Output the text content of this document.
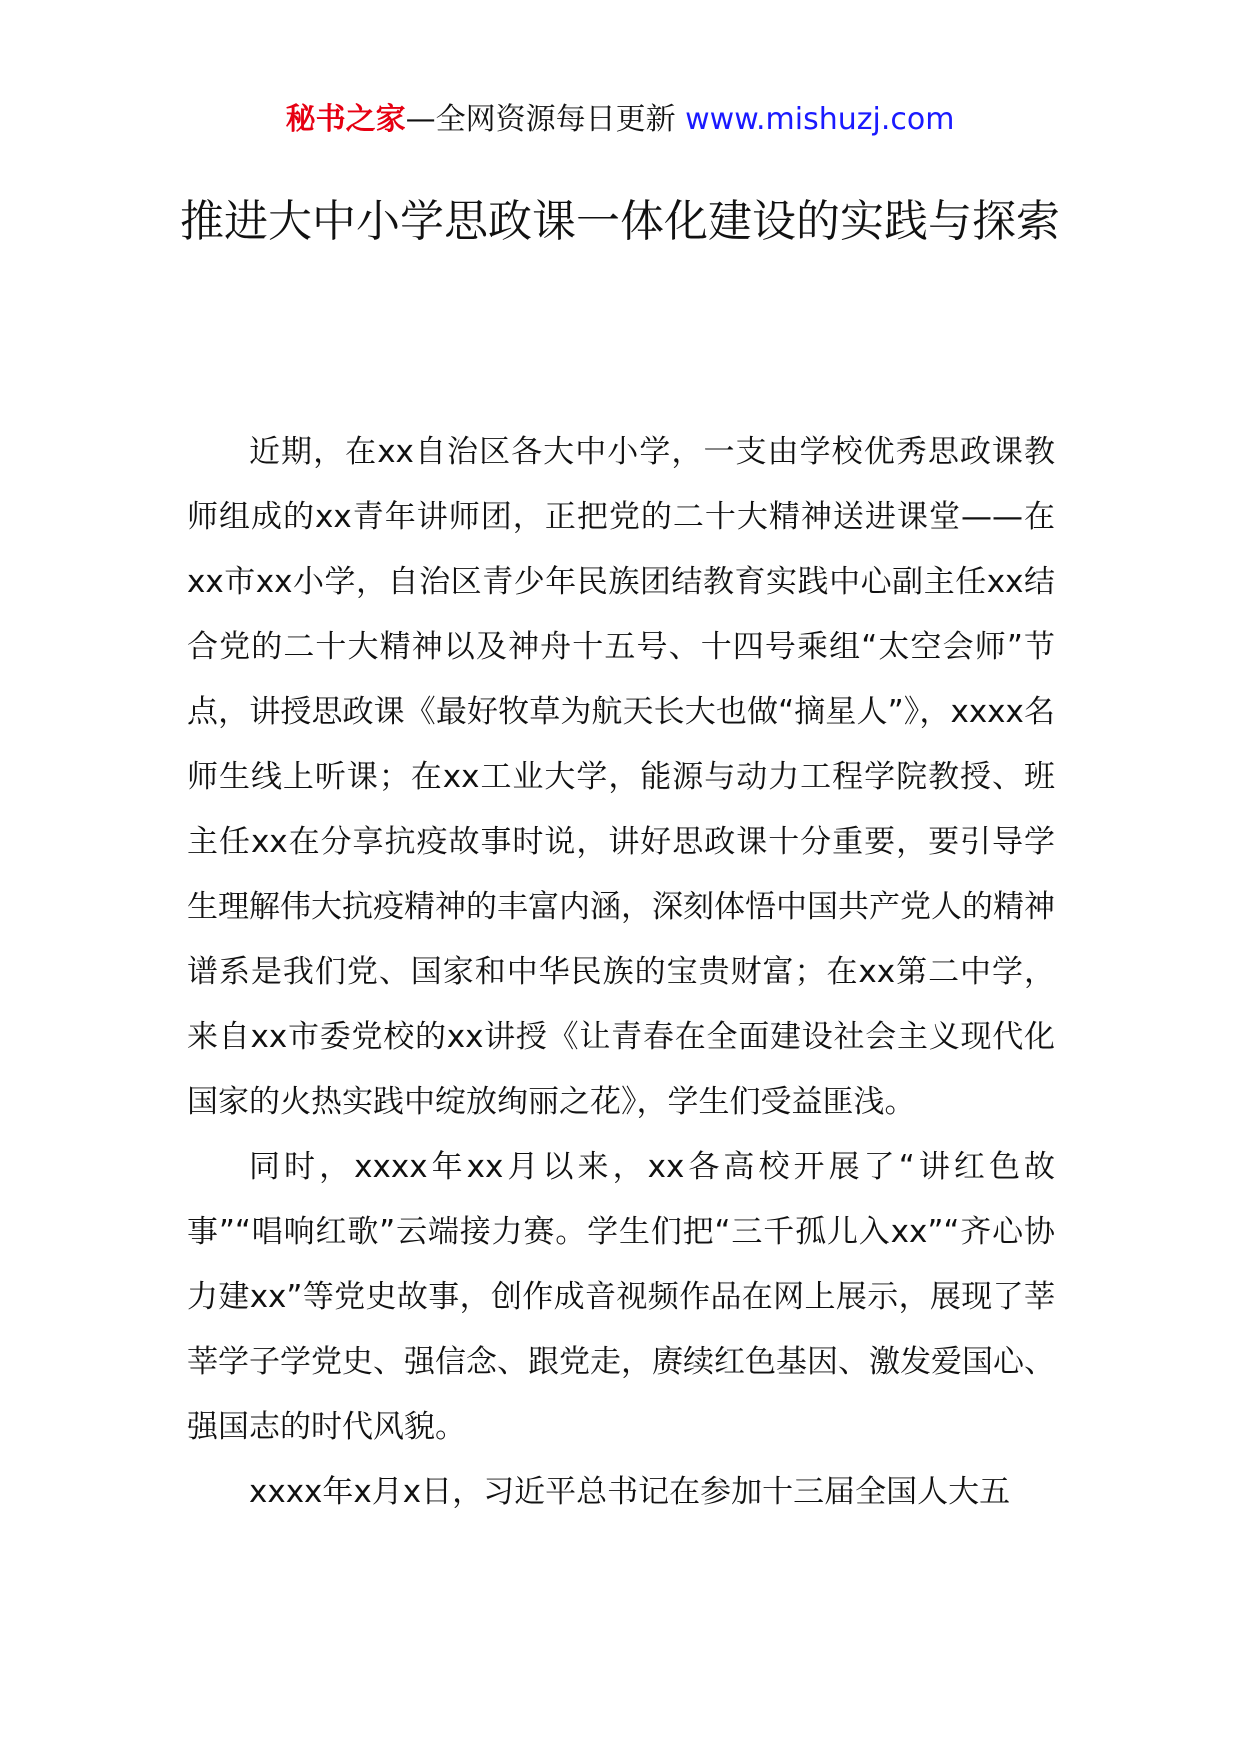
秘书之家—全网资源每日更新 www.mishuzj.com
推进大中小学思政课一体化建设的实践与探索

近期，在xx自治区各大中小学，一支由学校优秀思政课教师组成的xx青年讲师团，正把党的二十大精神送进课堂——在xx市xx小学，自治区青少年民族团结教育实践中心副主任xx结合党的二十大精神以及神舟十五号、十四号乘组“太空会师”节点，讲授思政课《最好牧草为航天长大也做“摘星人”》，xxxx名师生线上听课；在xx工业大学，能源与动力工程学院教授、班主任xx在分享抗疫故事时说，讲好思政课十分重要，要引导学生理解伟大抗疫精神的丰富内涵，深刻体悟中国共产党人的精神谱系是我们党、国家和中华民族的宝贵财富；在xx第二中学，来自xx市委党校的xx讲授《让青春在全面建设社会主义现代化国家的火热实践中绽放绚丽之花》，学生们受益匪浅。

同时，xxxx年xx月以来，xx各高校开展了“讲红色故事”“唱响红歌”云端接力赛。学生们把“三千孤儿入xx”“齐心协力建xx”等党史故事，创作成音视频作品在网上展示，展现了莘莘学子学党史、强信念、跟党走，赓续红色基因、激发爱国心、强国志的时代风貌。

xxxx年x月x日，习近平总书记在参加十三届全国人大五
